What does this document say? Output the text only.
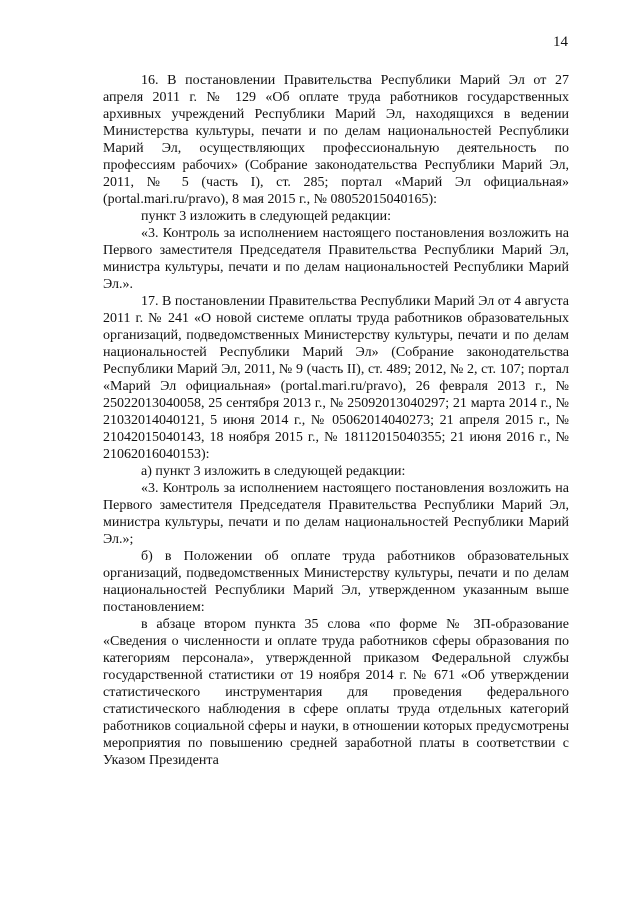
14

16. В постановлении Правительства Республики Марий Эл от 27 апреля 2011 г. № 129 «Об оплате труда работников государственных архивных учреждений Республики Марий Эл, находящихся в ведении Министерства культуры, печати и по делам национальностей Республики Марий Эл, осуществляющих профессиональную деятельность по профессиям рабочих» (Собрание законодательства Республики Марий Эл, 2011, № 5 (часть I), ст. 285; портал «Марий Эл официальная» (portal.mari.ru/pravo), 8 мая 2015 г., № 08052015040165):

пункт 3 изложить в следующей редакции:

«3. Контроль за исполнением настоящего постановления возложить на Первого заместителя Председателя Правительства Республики Марий Эл, министра культуры, печати и по делам национальностей Республики Марий Эл.».

17. В постановлении Правительства Республики Марий Эл от 4 августа 2011 г. № 241 «О новой системе оплаты труда работников образовательных организаций, подведомственных Министерству культуры, печати и по делам национальностей Республики Марий Эл» (Собрание законодательства Республики Марий Эл, 2011, № 9 (часть II), ст. 489; 2012, № 2, ст. 107; портал «Марий Эл официальная» (portal.mari.ru/pravo), 26 февраля 2013 г., № 25022013040058, 25 сентября 2013 г., № 25092013040297; 21 марта 2014 г., № 21032014040121, 5 июня 2014 г., № 05062014040273; 21 апреля 2015 г., № 21042015040143, 18 ноября 2015 г., № 18112015040355; 21 июня 2016 г., № 21062016040153):

а) пункт 3 изложить в следующей редакции:

«3. Контроль за исполнением настоящего постановления возложить на Первого заместителя Председателя Правительства Республики Марий Эл, министра культуры, печати и по делам национальностей Республики Марий Эл.»;

б) в Положении об оплате труда работников образовательных организаций, подведомственных Министерству культуры, печати и по делам национальностей Республики Марий Эл, утвержденном указанным выше постановлением:

в абзаце втором пункта 35 слова «по форме № ЗП-образование «Сведения о численности и оплате труда работников сферы образования по категориям персонала», утвержденной приказом Федеральной службы государственной статистики от 19 ноября 2014 г. № 671 «Об утверждении статистического инструментария для проведения федерального статистического наблюдения в сфере оплаты труда отдельных категорий работников социальной сферы и науки, в отношении которых предусмотрены мероприятия по повышению средней заработной платы в соответствии с Указом Президента
